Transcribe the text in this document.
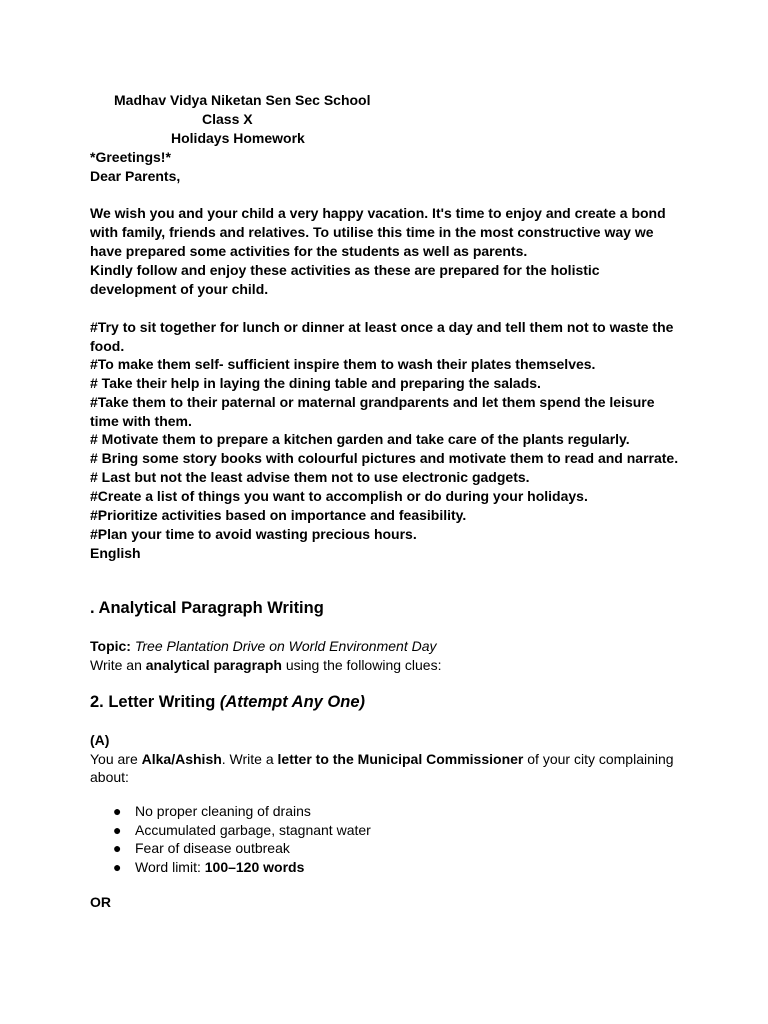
Madhav Vidya Niketan Sen Sec School
Class X
Holidays Homework
*Greetings!*
Dear Parents,
We wish you and your child a very happy vacation. It's time to enjoy and create a bond
with family, friends and relatives. To utilise this time in the most constructive way we
have prepared some activities for the students as well as parents.
Kindly follow and enjoy these activities as these are prepared for the holistic
development of your child.
#Try to sit together for lunch or dinner at least once a day and tell them not to waste the
food.
#To make them self- sufficient inspire them to wash their plates themselves.
# Take their help in laying the dining table and preparing the salads.
#Take them to their paternal or maternal grandparents and let them spend the leisure
time with them.
# Motivate them to prepare a kitchen garden and take care of the plants regularly.
# Bring some story books with colourful pictures and motivate them to read and narrate.
# Last but not the least advise them not to use electronic gadgets.
#Create a list of things you want to accomplish or do during your holidays.
#Prioritize activities based on importance and feasibility.
#Plan your time to avoid wasting precious hours.
English
. Analytical Paragraph Writing
Topic: Tree Plantation Drive on World Environment Day
Write an analytical paragraph using the following clues:
2. Letter Writing (Attempt Any One)
(A)
You are Alka/Ashish. Write a letter to the Municipal Commissioner of your city complaining
about:
● No proper cleaning of drains
● Accumulated garbage, stagnant water
● Fear of disease outbreak
● Word limit: 100–120 words
OR
